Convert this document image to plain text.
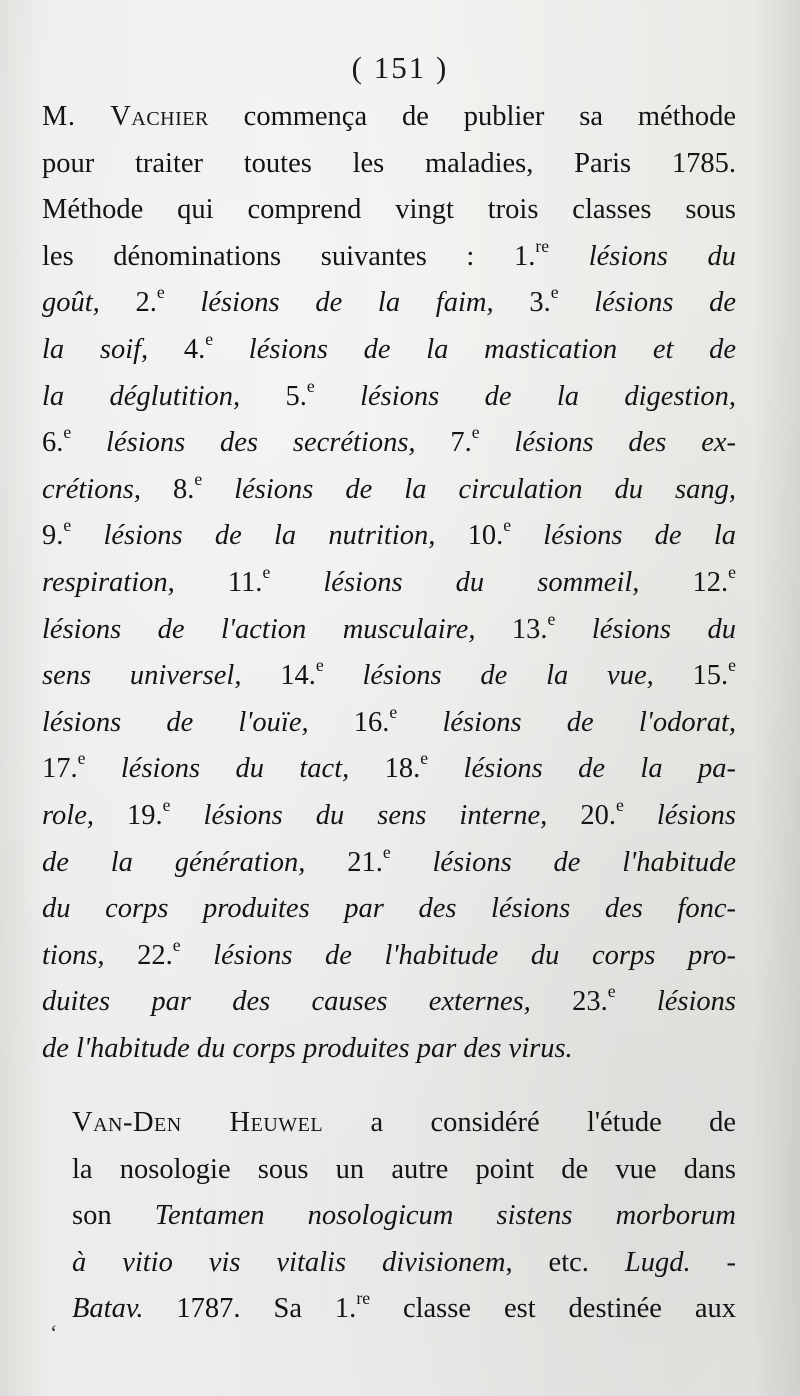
( 151 )
M. Vachier commença de publier sa méthode
pour traiter toutes les maladies, Paris 1785.
Méthode qui comprend vingt trois classes sous
les dénominations suivantes : 1.$^{re}$ lésions du
goût, 2.$^e$ lésions de la faim, 3.$^e$ lésions de
la soif, 4.$^e$ lésions de la mastication et de
la déglutition, 5.$^e$ lésions de la digestion,
6.$^e$ lésions des secrétions, 7.$^e$ lésions des ex-
crétions, 8.$^e$ lésions de la circulation du sang,
9.$^e$ lésions de la nutrition, 10.$^e$ lésions de la
respiration, 11.$^e$ lésions du sommeil, 12.$^e$
lésions de l'action musculaire, 13.$^e$ lésions du
sens universel, 14.$^e$ lésions de la vue, 15.$^e$
lésions de l'ouïe, 16.$^e$ lésions de l'odorat,
17.$^e$ lésions du tact, 18.$^e$ lésions de la pa-
role, 19.$^e$ lésions du sens interne, 20.$^e$ lésions
de la génération, 21.$^e$ lésions de l'habitude
du corps produites par des lésions des fonc-
tions, 22.$^e$ lésions de l'habitude du corps pro-
duites par des causes externes, 23.$^e$ lésions
de l'habitude du corps produites par des virus.
Van-Den Heuwel a considéré l'étude de
la nosologie sous un autre point de vue dans
son Tentamen nosologicum sistens morborum
à vitio vis vitalis divisionem, etc. Lugd. -
Batav. 1787. Sa 1.$^{re}$ classe est destinée aux
‘
